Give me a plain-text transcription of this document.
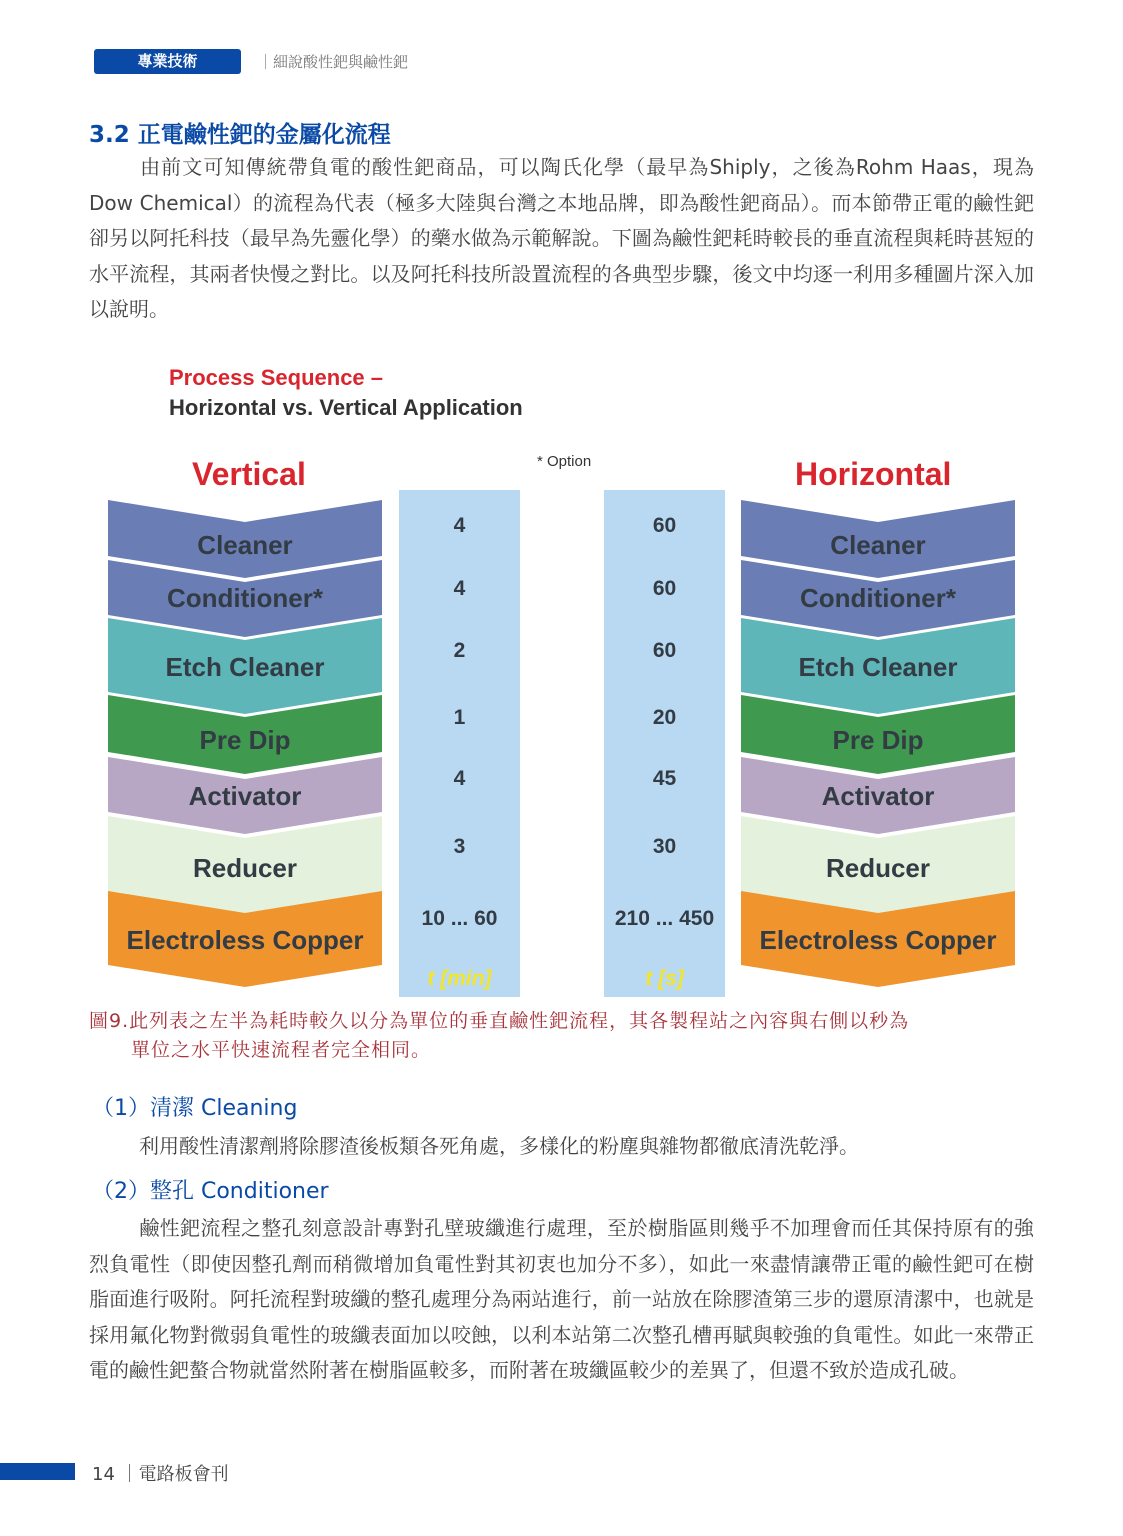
專業技術	｜細說酸性鈀與鹼性鈀
3.2 正電鹼性鈀的金屬化流程
由前文可知傳統帶負電的酸性鈀商品，可以陶氏化學（最早為Shiply，之後為Rohm Haas，現為Dow Chemical）的流程為代表（極多大陸與台灣之本地品牌，即為酸性鈀商品）。而本節帶正電的鹼性鈀卻另以阿托科技（最早為先靈化學）的藥水做為示範解說。下圖為鹼性鈀耗時較長的垂直流程與耗時甚短的水平流程，其兩者快慢之對比。以及阿托科技所設置流程的各典型步驟，後文中均逐一利用多種圖片深入加以說明。
Process Sequence –
Horizontal vs. Vertical Application
Vertical	Horizontal
* Option
4
4
2
1
4
3
10 ... 60
t [min]
60
60
60
20
45
30
210 ... 450
t [s]
Cleaner
Conditioner*
Etch Cleaner
Pre Dip
Activator
Reducer
Electroless Copper
Cleaner
Conditioner*
Etch Cleaner
Pre Dip
Activator
Reducer
Electroless Copper
圖9.此列表之左半為耗時較久以分為單位的垂直鹼性鈀流程，其各製程站之內容與右側以秒為
單位之水平快速流程者完全相同。
（1）清潔 Cleaning
利用酸性清潔劑將除膠渣後板類各死角處，多樣化的粉塵與雜物都徹底清洗乾淨。
（2）整孔 Conditioner
鹼性鈀流程之整孔刻意設計專對孔壁玻纖進行處理，至於樹脂區則幾乎不加理會而任其保持原有的強烈負電性（即使因整孔劑而稍微增加負電性對其初衷也加分不多），如此一來盡情讓帶正電的鹼性鈀可在樹脂面進行吸附。阿托流程對玻纖的整孔處理分為兩站進行，前一站放在除膠渣第三步的還原清潔中，也就是採用氟化物對微弱負電性的玻纖表面加以咬蝕，以利本站第二次整孔槽再賦與較強的負電性。如此一來帶正電的鹼性鈀螯合物就當然附著在樹脂區較多，而附著在玻纖區較少的差異了，但還不致於造成孔破。
14 ｜電路板會刊
